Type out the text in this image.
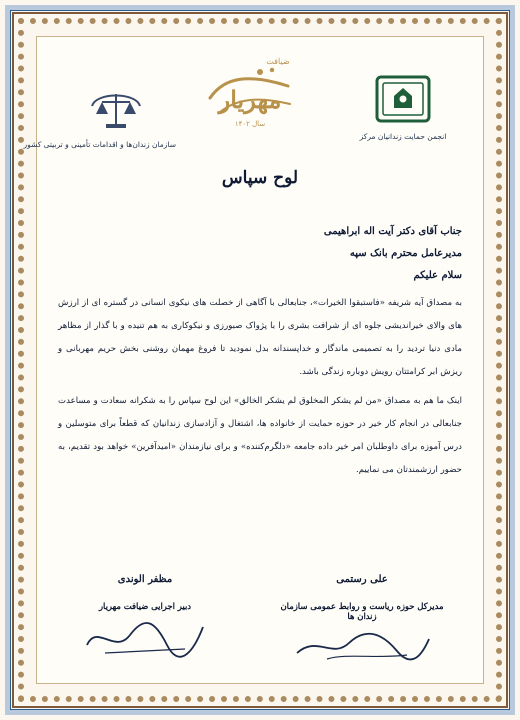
انجمن حمایت زندانیان مرکز
ضیافت
مهریار
سال ۱۴۰۲
سازمان زندان‌ها و اقدامات تأمینی و تربیتی کشور
لوح سپاس
جناب آقای دکتر آیت اله ابراهیمی
مدیرعامل محترم بانک سپه
سلام علیکم
به مصداق آیه شریفه «فاستبقوا الخیرات»، جنابعالی با آگاهی از خصلت های نیکوی انسانی در گستره ای از ارزش های والای خیراندیشی جلوه ای از شرافت بشری را با پژواک صبورزی و نیکوکاری به هم تنیده و با گذار از مظاهر مادی دنیا تردید را به تصمیمی ماندگار و خداپسندانه بدل نمودید تا فروغ مهمان روشنی بخش حریم مهربانی و ریزش ابر کرامتتان رویش دوباره زندگی باشد.
اینک ما هم به مصداق «من لم یشکر المخلوق لم یشکر الخالق» این لوح سپاس را به شکرانه سعادت و مساعدت جنابعالی در انجام کار خیر در حوزه حمایت از خانواده ها، اشتغال و آزادسازی زندانیان که قطعاً برای متوسلین و درس آموزه برای داوطلبان امر خیر داده جامعه «دلگرم‌کننده» و برای نیازمندان «امیدآفرین» خواهد بود تقدیم، به حضور ارزشمندتان می نماییم.
علی رستمی
مدیرکل حوزه ریاست و روابط عمومی سازمان زندان ها
مظفر الوندی
دبیر اجرایی ضیافت مهریار
